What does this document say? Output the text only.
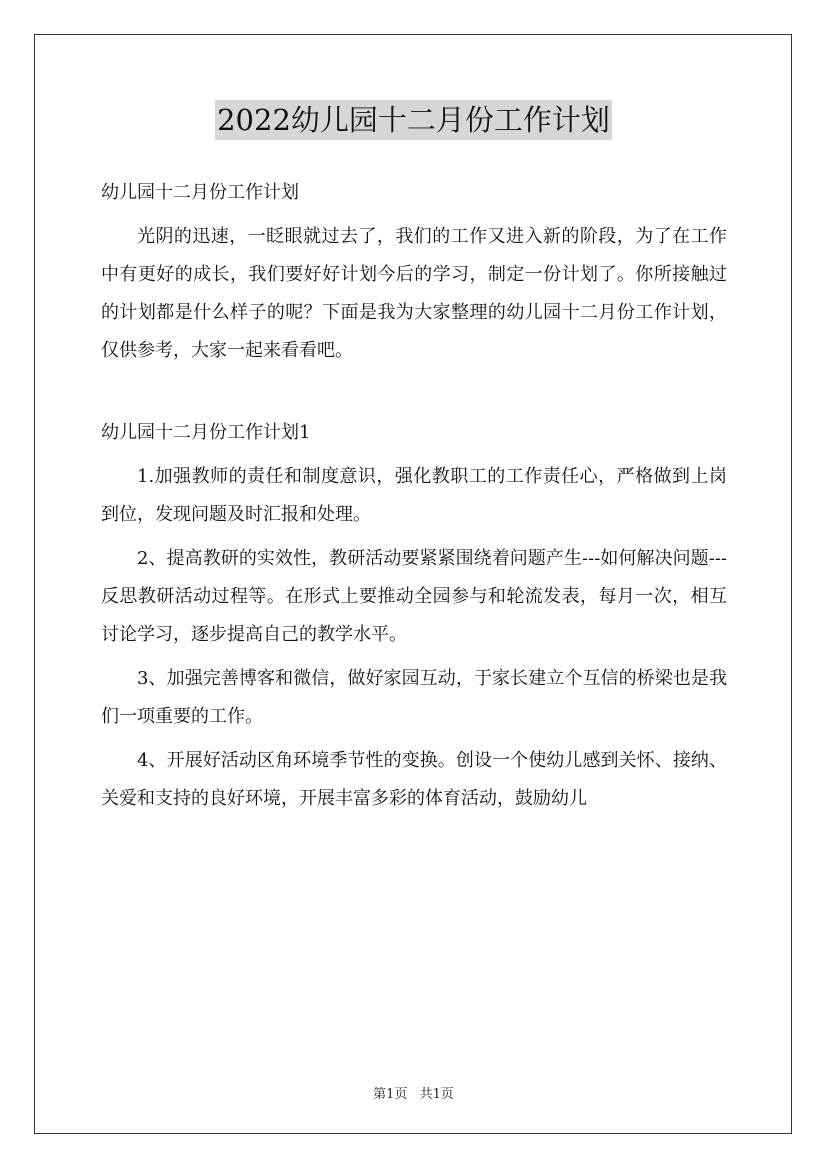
2022幼儿园十二月份工作计划

幼儿园十二月份工作计划

光阴的迅速，一眨眼就过去了，我们的工作又进入新的阶段，为了在工作中有更好的成长，我们要好好计划今后的学习，制定一份计划了。你所接触过的计划都是什么样子的呢？下面是我为大家整理的幼儿园十二月份工作计划，仅供参考，大家一起来看看吧。

幼儿园十二月份工作计划1

1.加强教师的责任和制度意识，强化教职工的工作责任心，严格做到上岗到位，发现问题及时汇报和处理。

2、提高教研的实效性，教研活动要紧紧围绕着问题产生---如何解决问题---反思教研活动过程等。在形式上要推动全园参与和轮流发表，每月一次，相互讨论学习，逐步提高自己的教学水平。

3、加强完善博客和微信，做好家园互动，于家长建立个互信的桥梁也是我们一项重要的工作。

4、开展好活动区角环境季节性的变换。创设一个使幼儿感到关怀、接纳、关爱和支持的良好环境，开展丰富多彩的体育活动，鼓励幼儿

第1页 共1页
